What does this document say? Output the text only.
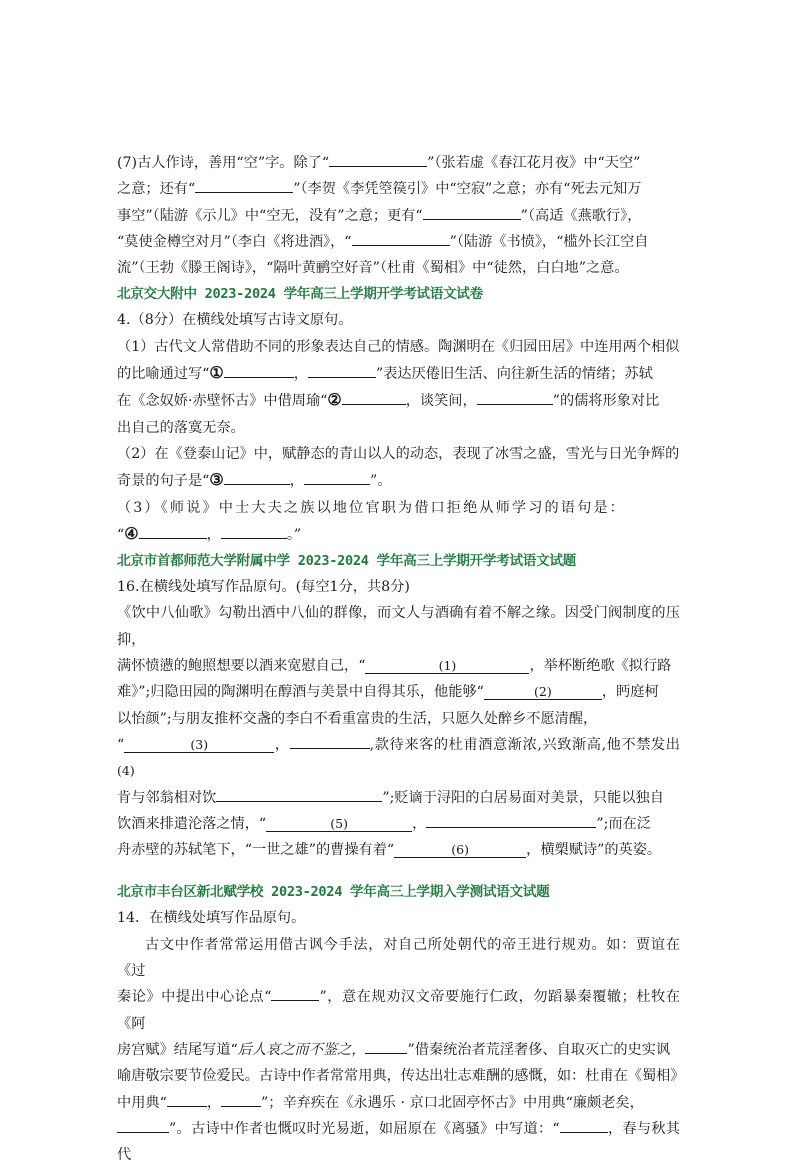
(7)古人作诗，善用“空”字。除了“	”（张若虚《春江花月夜》中“天空”

之意；还有“	”（李贺《李凭箜篌引》中“空寂”之意；亦有“死去元知万

事空”（陆游《示儿》中“空无，没有”之意；更有“	”（高适《燕歌行》，

“莫使金樽空对月”（李白《将进酒》，“	”（陆游《书愤》，“槛外长江空自

流”（王勃《滕王阁诗》，“隔叶黄鹂空好音”（杜甫《蜀相》中“徒然，白白地”之意。

北京交大附中 2023-2024 学年高三上学期开学考试语文试卷

4.（8分）在横线处填写古诗文原句。

（1）古代文人常借助不同的形象表达自己的情感。陶渊明在《归园田居》中连用两个相似

的比喻通过写“①	，	”表达厌倦旧生活、向往新生活的情绪；苏轼

在《念奴娇·赤壁怀古》中借周瑜“②	，谈笑间，	”的儒将形象对比

出自己的落寞无奈。

（2）在《登泰山记》中，赋静态的青山以人的动态，表现了冰雪之盛，雪光与日光争辉的

奇景的句子是“③	，	”。

（3）《师说》中士大夫之族以地位官职为借口拒绝从师学习的语句是：

“④	，	。”

北京市首都师范大学附属中学 2023-2024 学年高三上学期开学考试语文试题

16.在横线处填写作品原句。(每空1分，共8分)

《饮中八仙歌》勾勒出酒中八仙的群像，而文人与酒确有着不解之缘。因受门阀制度的压抑，

满怀愤懑的鲍照想要以酒来宽慰自己，“	(1)	，举杯断绝歌《拟行路

难》”;归隐田园的陶渊明在醇酒与美景中自得其乐，他能够“	(2)	，眄庭柯

以怡颜”;与朋友推杯交盏的李白不看重富贵的生活，只愿久处醉乡不愿清醒，

“	(3)	，	,款待来客的杜甫酒意渐浓,兴致渐高,他不禁发出(4)

肯与邻翁相对饮	”;贬谪于浔阳的白居易面对美景，只能以独自

饮酒来排遣沦落之情，“	(5)	，	”;而在泛

舟赤壁的苏轼笔下，“一世之雄”的曹操有着“	(6)	，横槊赋诗”的英姿。

北京市丰台区新北赋学校 2023-2024 学年高三上学期入学测试语文试题

14．在横线处填写作品原句。

古文中作者常常运用借古讽今手法，对自己所处朝代的帝王进行规劝。如：贾谊在《过

秦论》中提出中心论点“	”，意在规劝汉文帝要施行仁政，勿蹈暴秦覆辙；杜牧在《阿

房宫赋》结尾写道“后人哀之而不鉴之，	”借秦统治者荒淫奢侈、自取灭亡的史实讽

喻唐敬宗要节俭爱民。古诗中作者常常用典，传达出壮志难酬的感慨，如：杜甫在《蜀相》

中用典“	，	”；辛弃疾在《永遇乐 · 京口北固亭怀古》中用典“廉颇老矣，

”。古诗中作者也慨叹时光易逝，如屈原在《离骚》中写道：“	，春与秋其代
